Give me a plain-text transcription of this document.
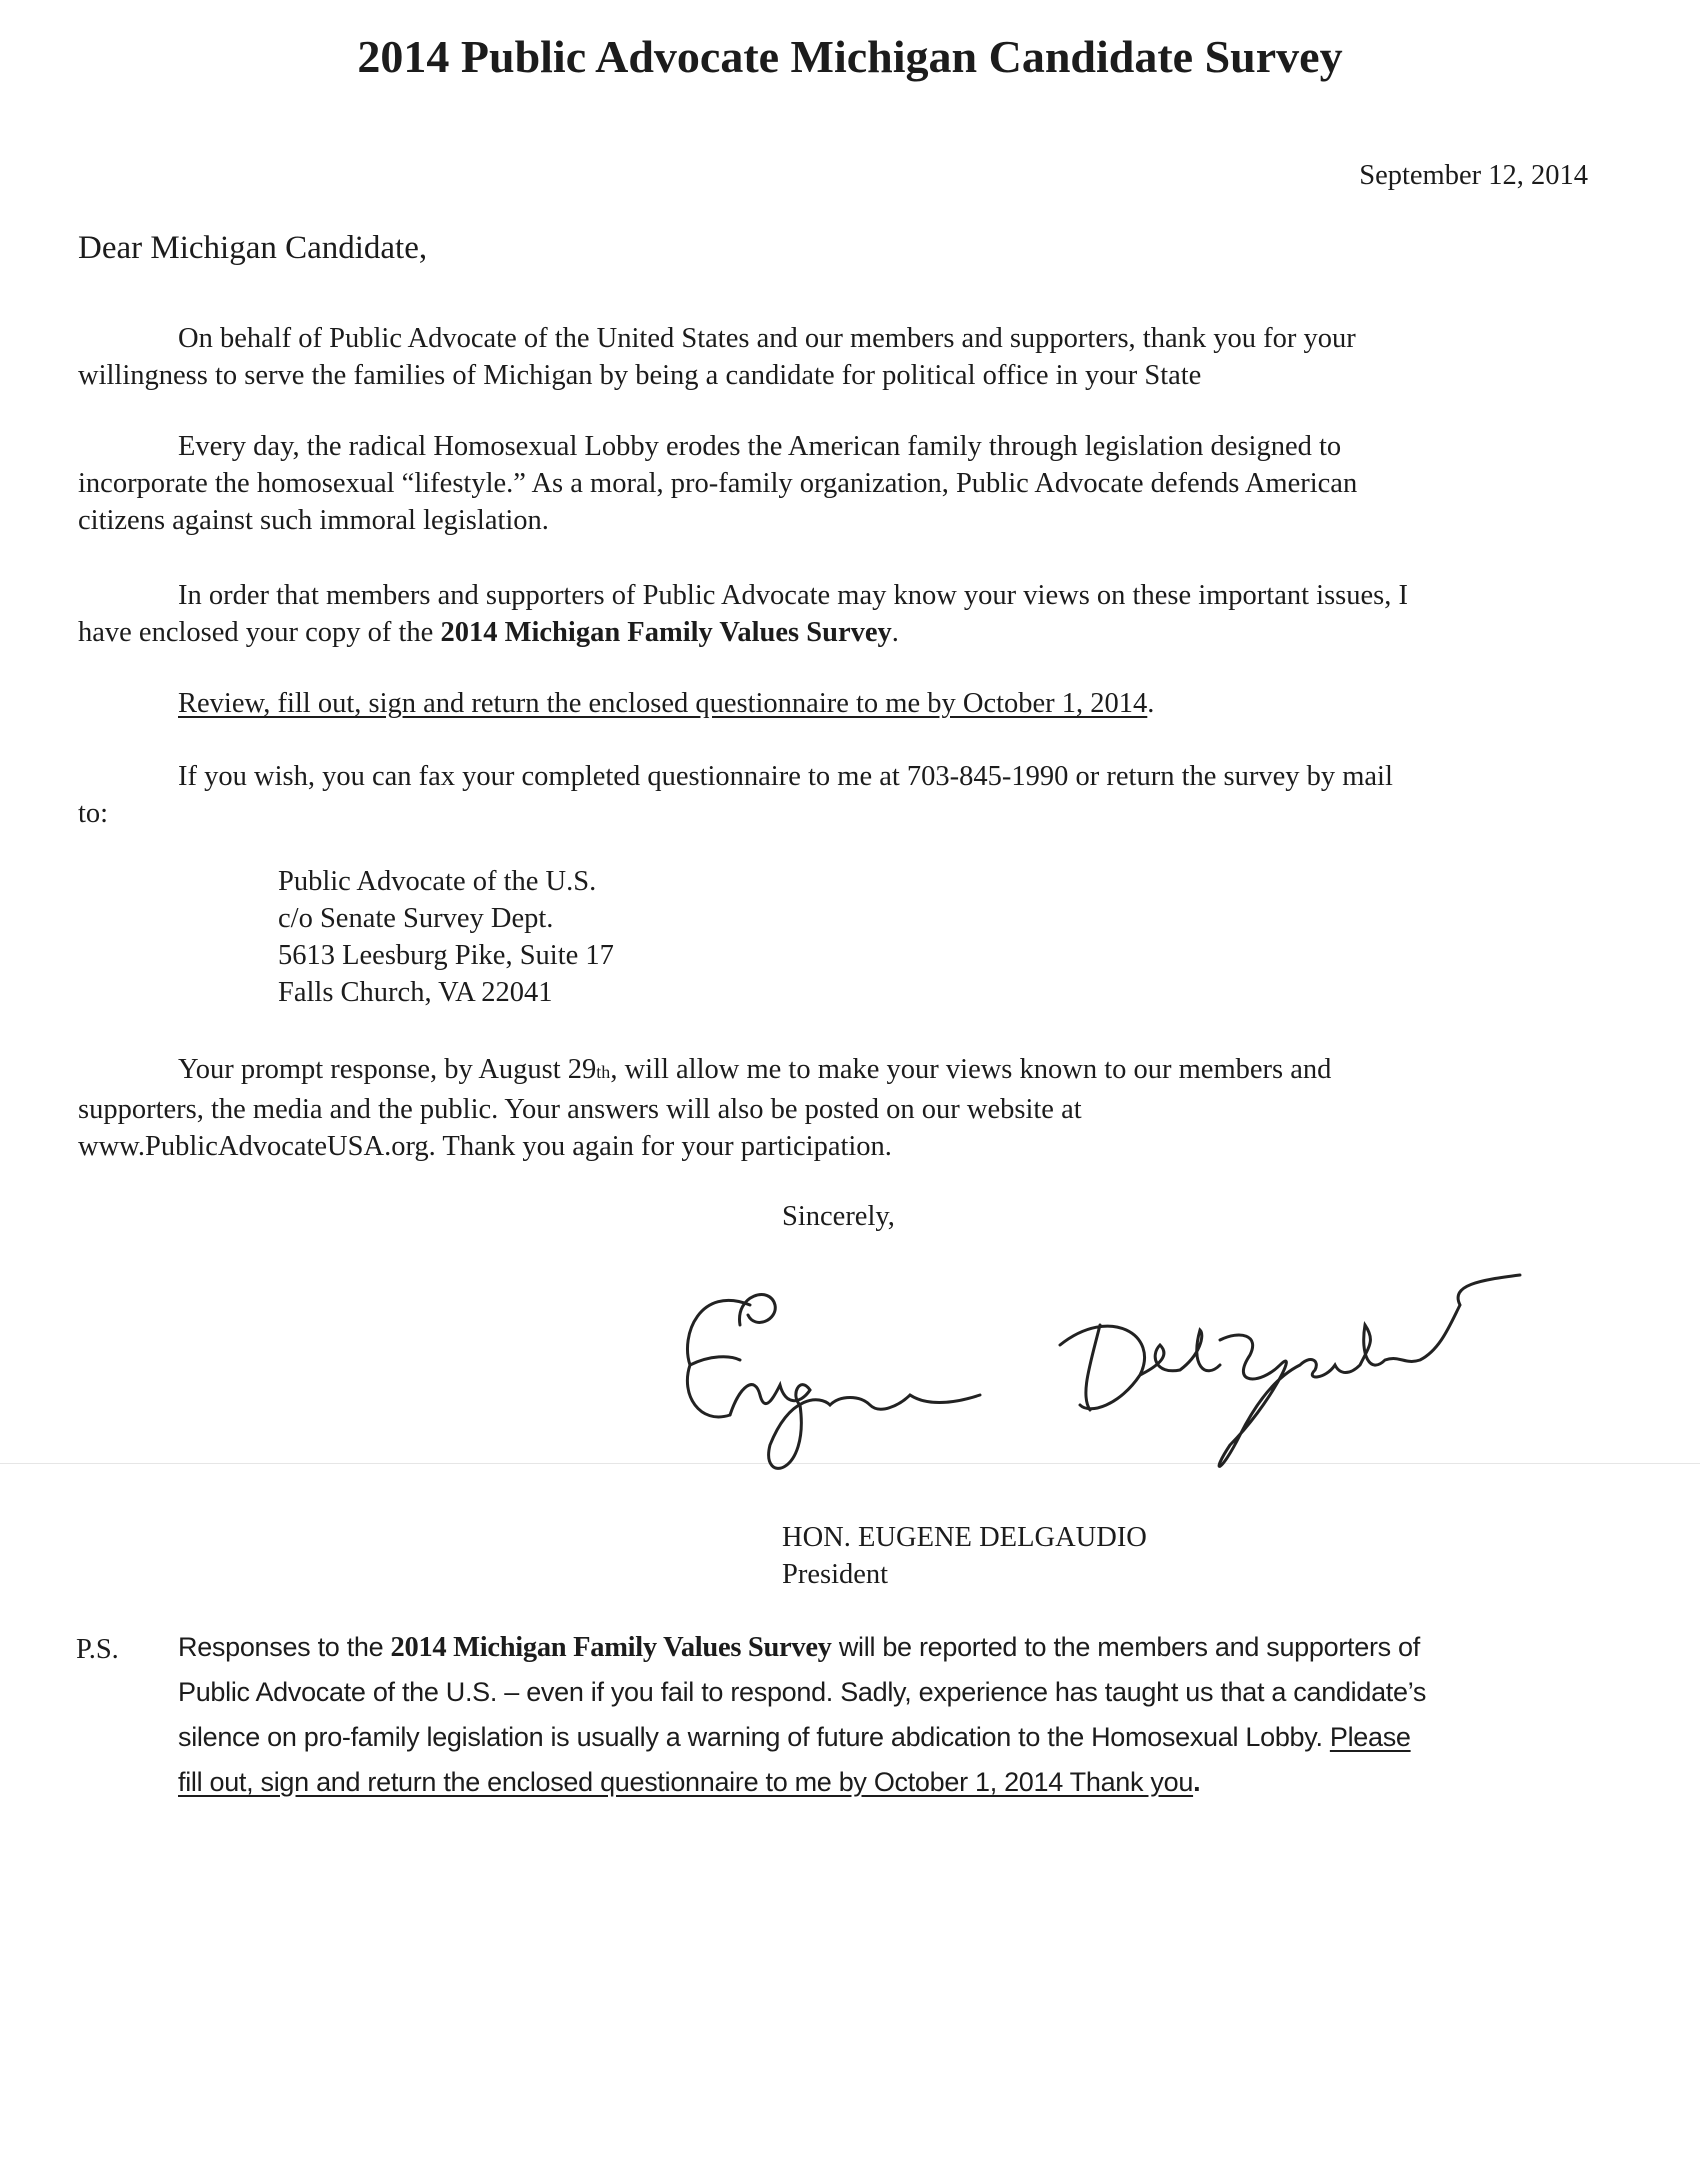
2014 Public Advocate Michigan Candidate Survey
September 12, 2014
Dear Michigan Candidate,
On behalf of Public Advocate of the United States and our members and supporters, thank you for your
willingness to serve the families of Michigan by being a candidate for political office in your State
Every day, the radical Homosexual Lobby erodes the American family through legislation designed to
incorporate the homosexual “lifestyle.” As a moral, pro-family organization, Public Advocate defends American
citizens against such immoral legislation.
In order that members and supporters of Public Advocate may know your views on these important issues, I
have enclosed your copy of the 2014 Michigan Family Values Survey.
Review, fill out, sign and return the enclosed questionnaire to me by October 1, 2014.
If you wish, you can fax your completed questionnaire to me at 703-845-1990 or return the survey by mail
to:
Public Advocate of the U.S.
c/o Senate Survey Dept.
5613 Leesburg Pike, Suite 17
Falls Church, VA 22041
Your prompt response, by August 29th, will allow me to make your views known to our members and
supporters, the media and the public. Your answers will also be posted on our website at
www.PublicAdvocateUSA.org. Thank you again for your participation.
Sincerely,
HON. EUGENE DELGAUDIO
President
P.S. Responses to the 2014 Michigan Family Values Survey will be reported to the members and supporters of
Public Advocate of the U.S. – even if you fail to respond. Sadly, experience has taught us that a candidate’s
silence on pro-family legislation is usually a warning of future abdication to the Homosexual Lobby. Please
fill out, sign and return the enclosed questionnaire to me by October 1, 2014 Thank you.
